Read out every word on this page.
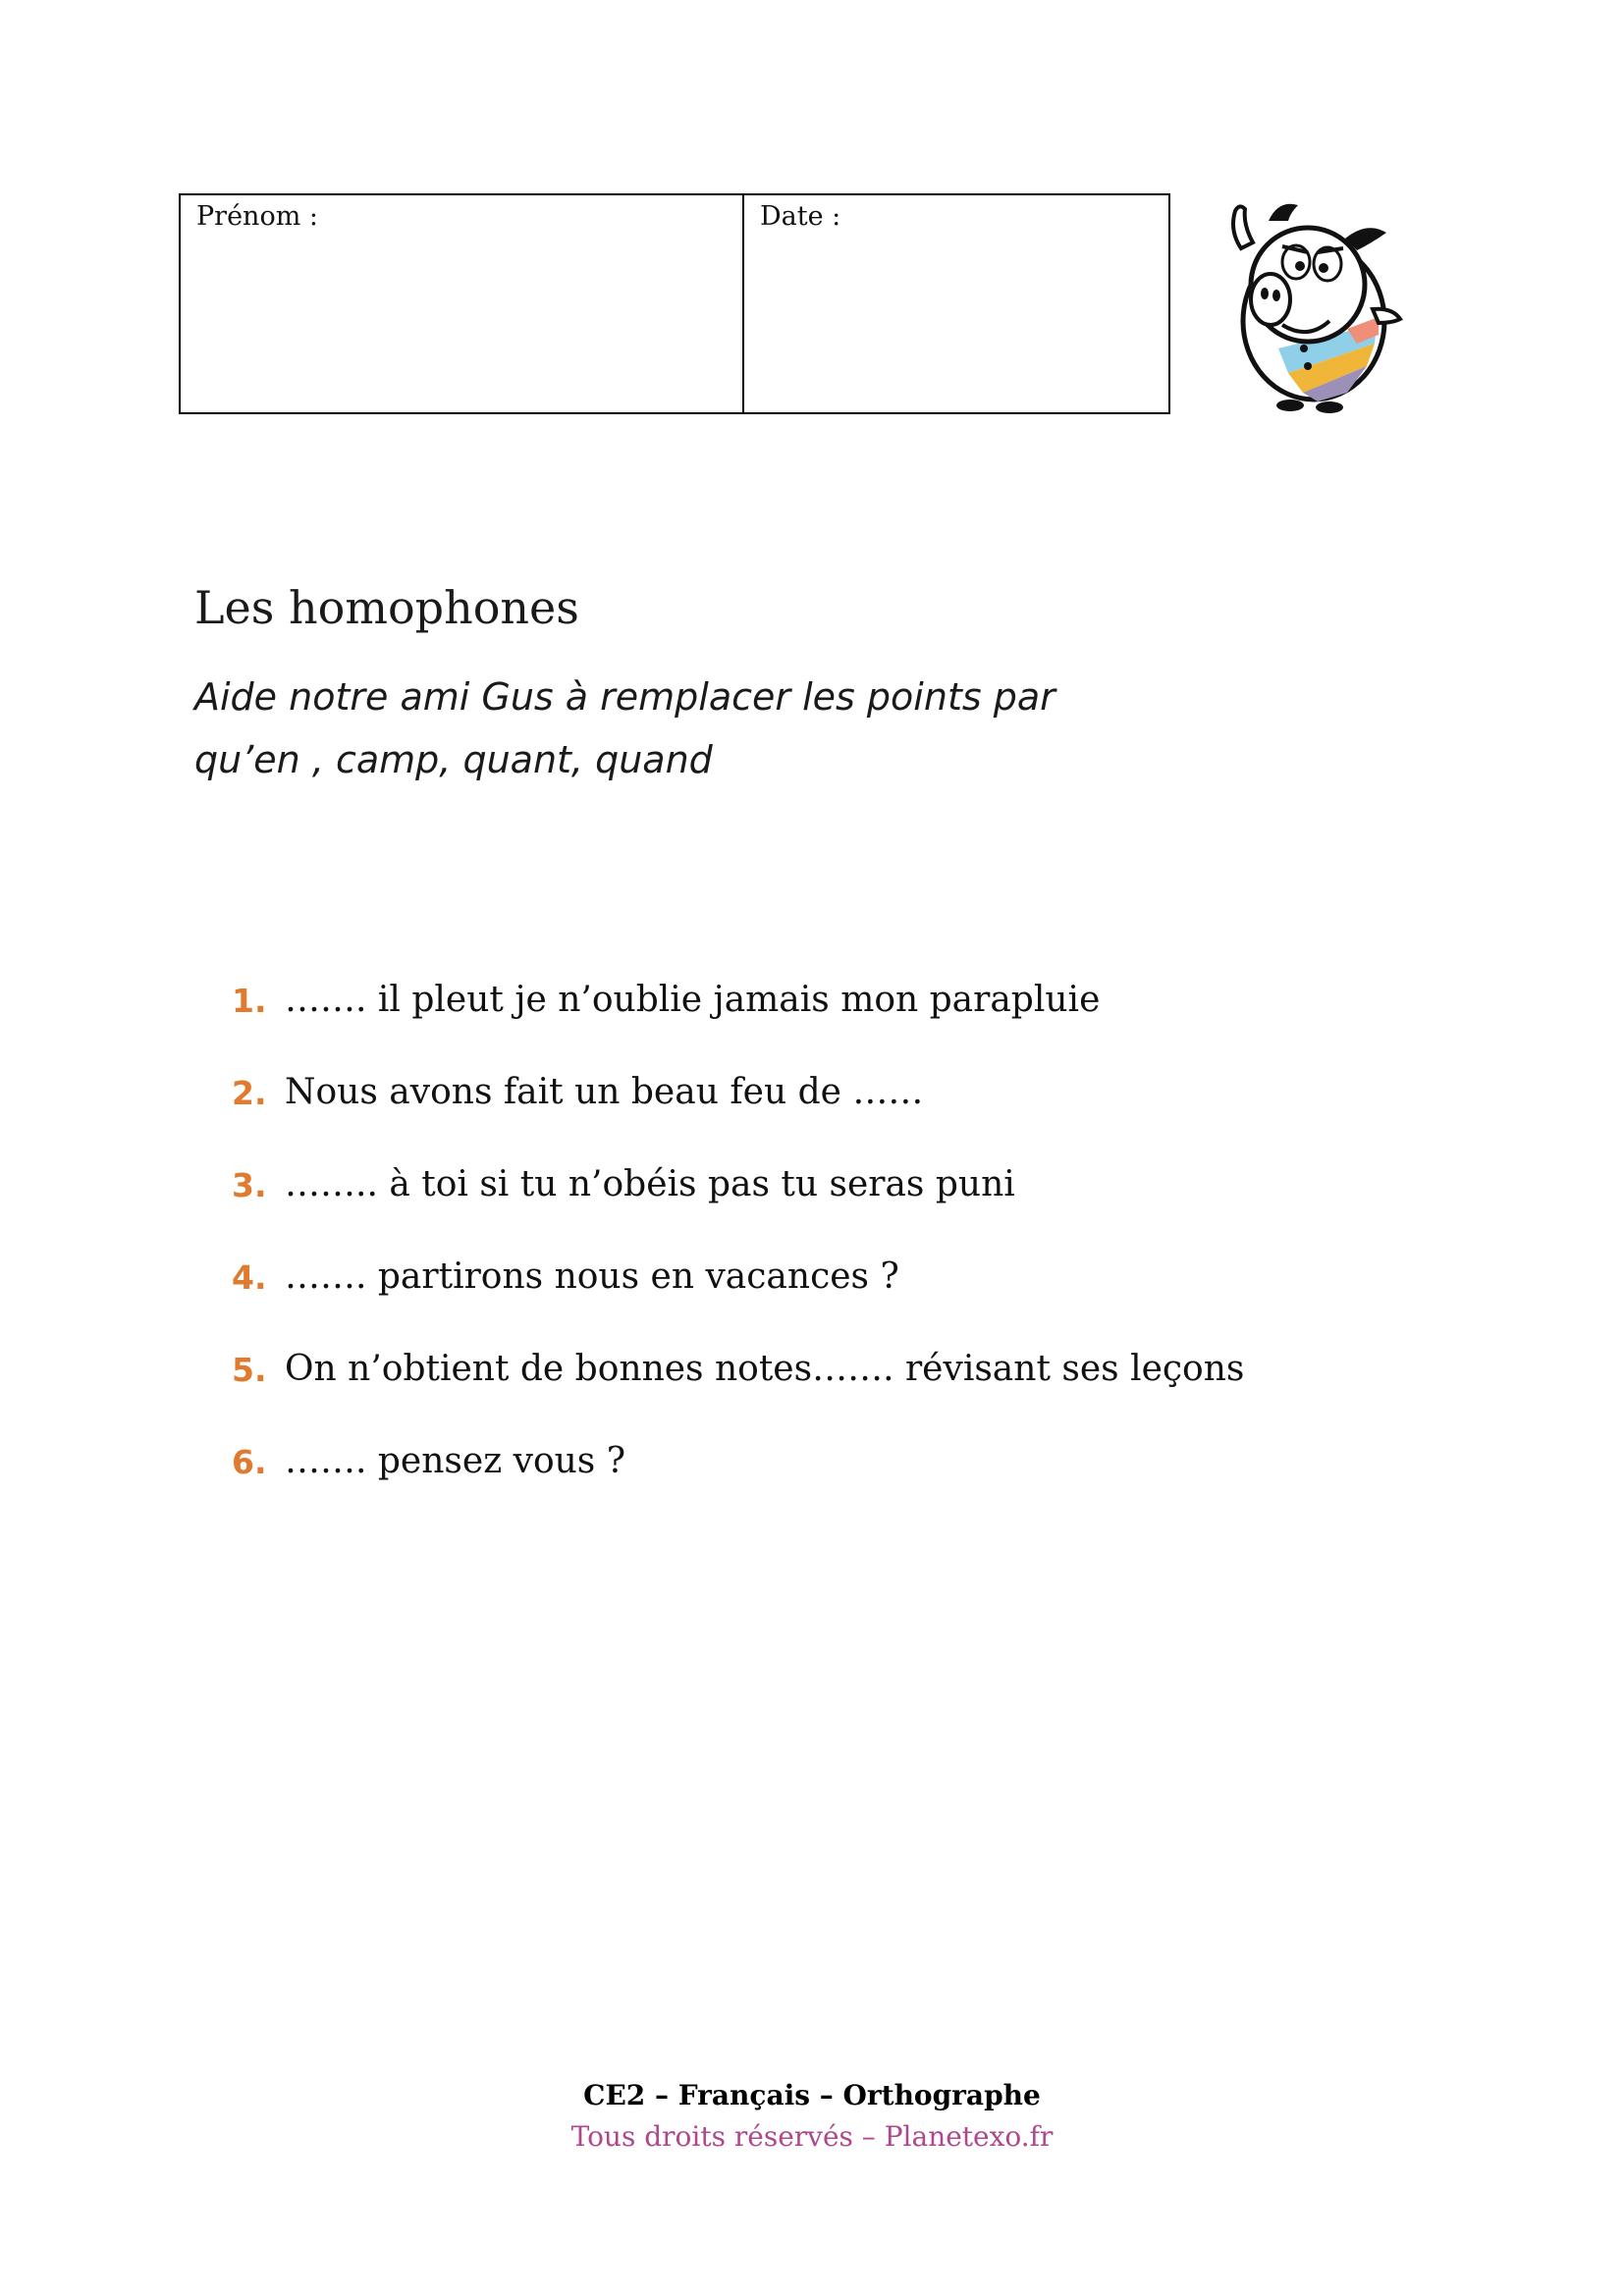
Prénom :	Date :
Les homophones
Aide notre ami Gus à remplacer les points par
qu’en , camp, quant, quand
1. ……. il pleut je n’oublie jamais mon parapluie
2. Nous avons fait un beau feu de ……
3. …….. à toi si tu n’obéis pas tu seras puni
4. ……. partirons nous en vacances ?
5. On n’obtient de bonnes notes……. révisant ses leçons
6. ……. pensez vous ?
CE2 – Français – Orthographe
Tous droits réservés – Planetexo.fr
